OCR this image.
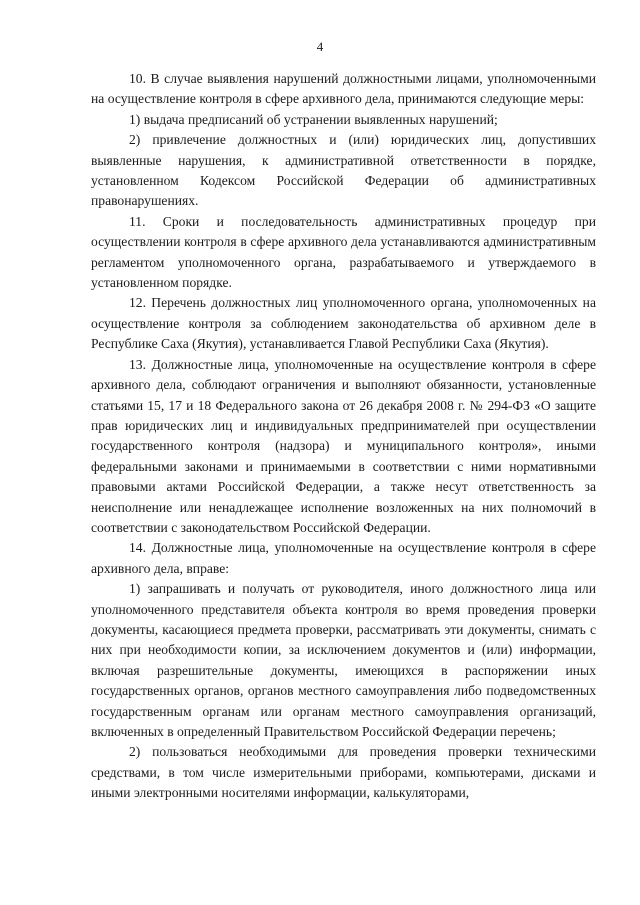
4

10. В случае выявления нарушений должностными лицами, уполномоченными на осуществление контроля в сфере архивного дела, принимаются следующие меры:

1) выдача предписаний об устранении выявленных нарушений;

2) привлечение должностных и (или) юридических лиц, допустивших выявленные нарушения, к административной ответственности в порядке, установленном Кодексом Российской Федерации об административных правонарушениях.

11. Сроки и последовательность административных процедур при осуществлении контроля в сфере архивного дела устанавливаются административным регламентом уполномоченного органа, разрабатываемого и утверждаемого в установленном порядке.

12. Перечень должностных лиц уполномоченного органа, уполномоченных на осуществление контроля за соблюдением законодательства об архивном деле в Республике Саха (Якутия), устанавливается Главой Республики Саха (Якутия).

13. Должностные лица, уполномоченные на осуществление контроля в сфере архивного дела, соблюдают ограничения и выполняют обязанности, установленные статьями 15, 17 и 18 Федерального закона от 26 декабря 2008 г. № 294-ФЗ «О защите прав юридических лиц и индивидуальных предпринимателей при осуществлении государственного контроля (надзора) и муниципального контроля», иными федеральными законами и принимаемыми в соответствии с ними нормативными правовыми актами Российской Федерации, а также несут ответственность за неисполнение или ненадлежащее исполнение возложенных на них полномочий в соответствии с законодательством Российской Федерации.

14. Должностные лица, уполномоченные на осуществление контроля в сфере архивного дела, вправе:

1) запрашивать и получать от руководителя, иного должностного лица или уполномоченного представителя объекта контроля во время проведения проверки документы, касающиеся предмета проверки, рассматривать эти документы, снимать с них при необходимости копии, за исключением документов и (или) информации, включая разрешительные документы, имеющихся в распоряжении иных государственных органов, органов местного самоуправления либо подведомственных государственным органам или органам местного самоуправления организаций, включенных в определенный Правительством Российской Федерации перечень;

2) пользоваться необходимыми для проведения проверки техническими средствами, в том числе измерительными приборами, компьютерами, дисками и иными электронными носителями информации, калькуляторами,
